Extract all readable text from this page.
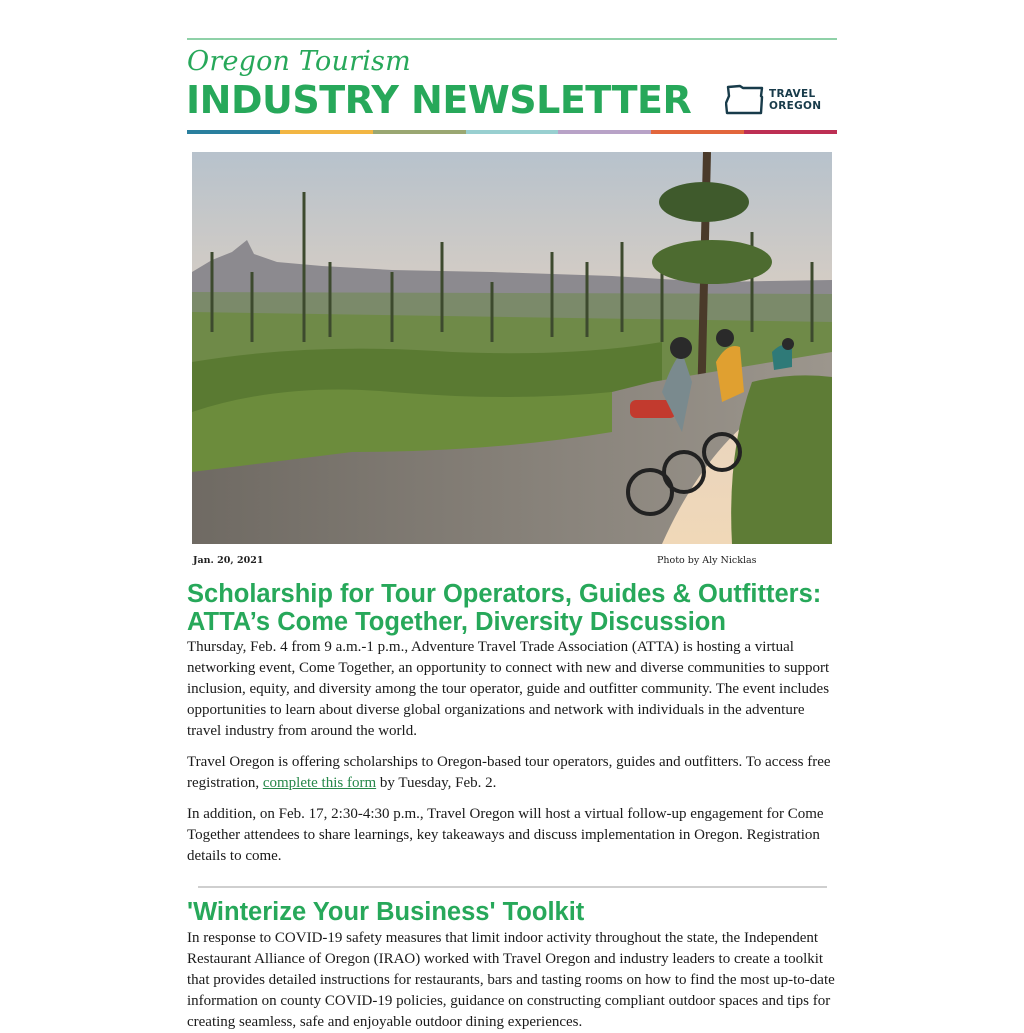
Oregon Tourism
INDUSTRY NEWSLETTER	TRAVEL
OREGON
Jan. 20, 2021	Photo by Aly Nicklas
Scholarship for Tour Operators, Guides & Outfitters:
ATTA’s Come Together, Diversity Discussion

Thursday, Feb. 4 from 9 a.m.-1 p.m., Adventure Travel Trade Association (ATTA) is hosting a virtual networking event, Come Together, an opportunity to connect with new and diverse communities to support inclusion, equity, and diversity among the tour operator, guide and outfitter community. The event includes opportunities to learn about diverse global organizations and network with individuals in the adventure travel industry from around the world.

Travel Oregon is offering scholarships to Oregon-based tour operators, guides and outfitters. To access free registration, complete this form by Tuesday, Feb. 2.

In addition, on Feb. 17, 2:30-4:30 p.m., Travel Oregon will host a virtual follow-up engagement for Come Together attendees to share learnings, key takeaways and discuss implementation in Oregon. Registration details to come.

'Winterize Your Business' Toolkit

In response to COVID-19 safety measures that limit indoor activity throughout the state, the Independent Restaurant Alliance of Oregon (IRAO) worked with Travel Oregon and industry leaders to create a toolkit that provides detailed instructions for restaurants, bars and tasting rooms on how to find the most up-to-date information on county COVID-19 policies, guidance on constructing compliant outdoor spaces and tips for creating seamless, safe and enjoyable outdoor dining experiences.
